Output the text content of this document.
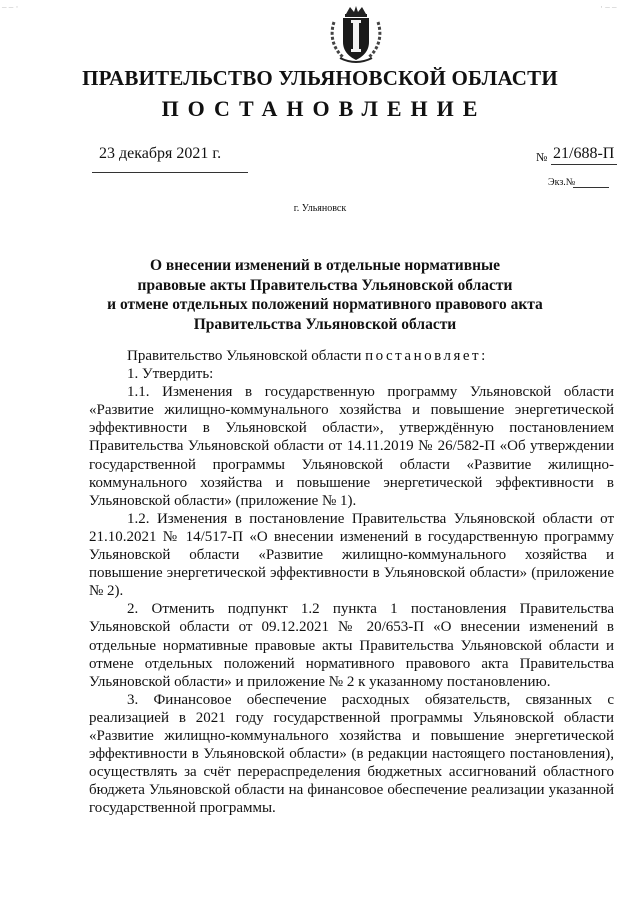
– – ·	· – –
ПРАВИТЕЛЬСТВО УЛЬЯНОВСКОЙ ОБЛАСТИ
ПОСТАНОВЛЕНИЕ
23 декабря 2021 г.	№ 21/688-П
Экз.№
г. Ульяновск
О внесении изменений в отдельные нормативные
правовые акты Правительства Ульяновской области
и отмене отдельных положений нормативного правового акта
Правительства Ульяновской области

Правительство Ульяновской области постановляет:

1. Утвердить:

1.1. Изменения в государственную программу Ульяновской области «Развитие жилищно-коммунального хозяйства и повышение энергетической эффективности в Ульяновской области», утверждённую постановлением Правительства Ульяновской области от 14.11.2019 № 26/582-П «Об утверждении государственной программы Ульяновской области «Развитие жилищно-коммунального хозяйства и повышение энергетической эффективности в Ульяновской области» (приложение № 1).

1.2. Изменения в постановление Правительства Ульяновской области от 21.10.2021 № 14/517-П «О внесении изменений в государственную программу Ульяновской области «Развитие жилищно-коммунального хозяйства и повышение энергетической эффективности в Ульяновской области» (приложение № 2).

2. Отменить подпункт 1.2 пункта 1 постановления Правительства Ульяновской области от 09.12.2021 № 20/653-П «О внесении изменений в отдельные нормативные правовые акты Правительства Ульяновской области и отмене отдельных положений нормативного правового акта Правительства Ульяновской области» и приложение № 2 к указанному постановлению.

3. Финансовое обеспечение расходных обязательств, связанных с реализацией в 2021 году государственной программы Ульяновской области «Развитие жилищно-коммунального хозяйства и повышение энергетической эффективности в Ульяновской области» (в редакции настоящего постановления), осуществлять за счёт перераспределения бюджетных ассигнований областного бюджета Ульяновской области на финансовое обеспечение реализации указанной государственной программы.
